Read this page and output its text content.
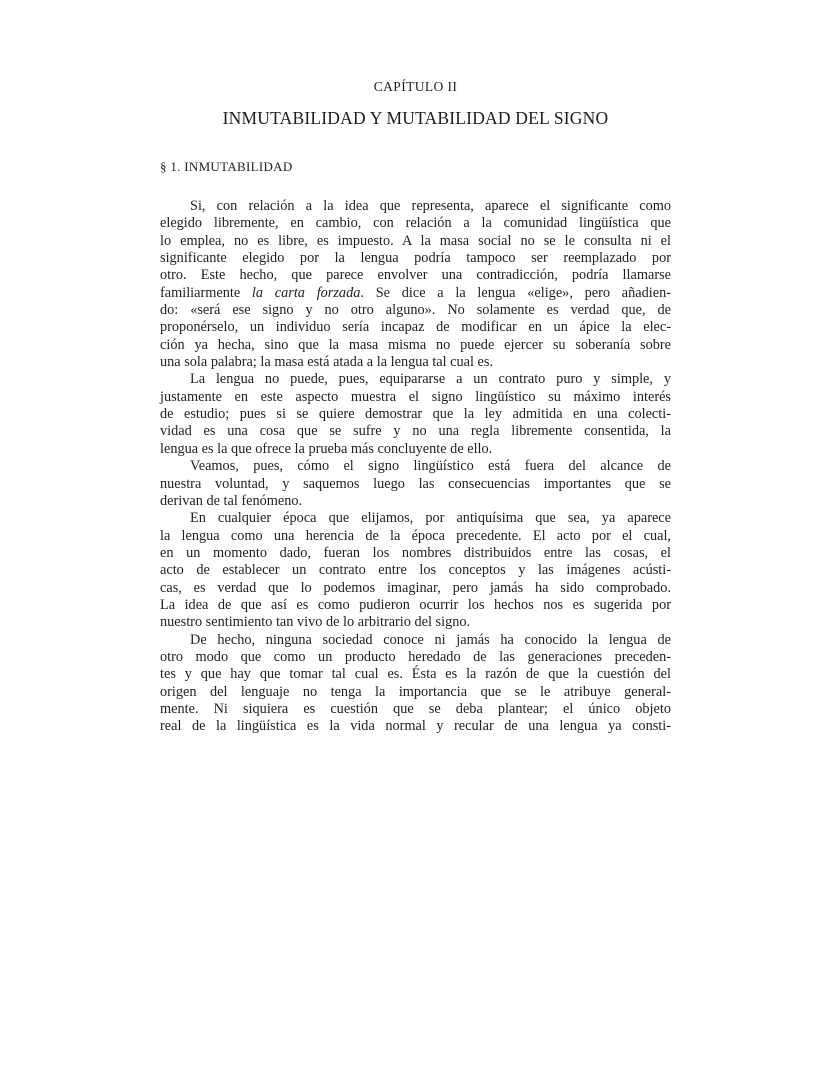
CAPÍTULO II
INMUTABILIDAD Y MUTABILIDAD DEL SIGNO
§ 1. INMUTABILIDAD
Si, con relación a la idea que representa, aparece el significante como
elegido libremente, en cambio, con relación a la comunidad lingüística que
lo emplea, no es libre, es impuesto. A la masa social no se le consulta ni el
significante elegido por la lengua podría tampoco ser reemplazado por
otro. Este hecho, que parece envolver una contradicción, podría llamarse
familiarmente la carta forzada. Se dice a la lengua «elige», pero añadien-
do: «será ese signo y no otro alguno». No solamente es verdad que, de
proponérselo, un individuo sería incapaz de modificar en un ápice la elec-
ción ya hecha, sino que la masa misma no puede ejercer su soberanía sobre
una sola palabra; la masa está atada a la lengua tal cual es.
La lengua no puede, pues, equipararse a un contrato puro y simple, y
justamente en este aspecto muestra el signo lingüístico su máximo interés
de estudio; pues si se quiere demostrar que la ley admitida en una colecti-
vidad es una cosa que se sufre y no una regla libremente consentida, la
lengua es la que ofrece la prueba más concluyente de ello.
Veamos, pues, cómo el signo lingüístico está fuera del alcance de
nuestra voluntad, y saquemos luego las consecuencias importantes que se
derivan de tal fenómeno.
En cualquier época que elijamos, por antiquísima que sea, ya aparece
la lengua como una herencia de la época precedente. El acto por el cual,
en un momento dado, fueran los nombres distribuidos entre las cosas, el
acto de establecer un contrato entre los conceptos y las imágenes acústi-
cas, es verdad que lo podemos imaginar, pero jamás ha sido comprobado.
La idea de que así es como pudieron ocurrir los hechos nos es sugerida por
nuestro sentimiento tan vivo de lo arbitrario del signo.
De hecho, ninguna sociedad conoce ni jamás ha conocido la lengua de
otro modo que como un producto heredado de las generaciones preceden-
tes y que hay que tomar tal cual es. Ésta es la razón de que la cuestión del
origen del lenguaje no tenga la importancia que se le atribuye general-
mente. Ni siquiera es cuestión que se deba plantear; el único objeto
real de la lingüística es la vida normal y recular de una lengua ya consti-
